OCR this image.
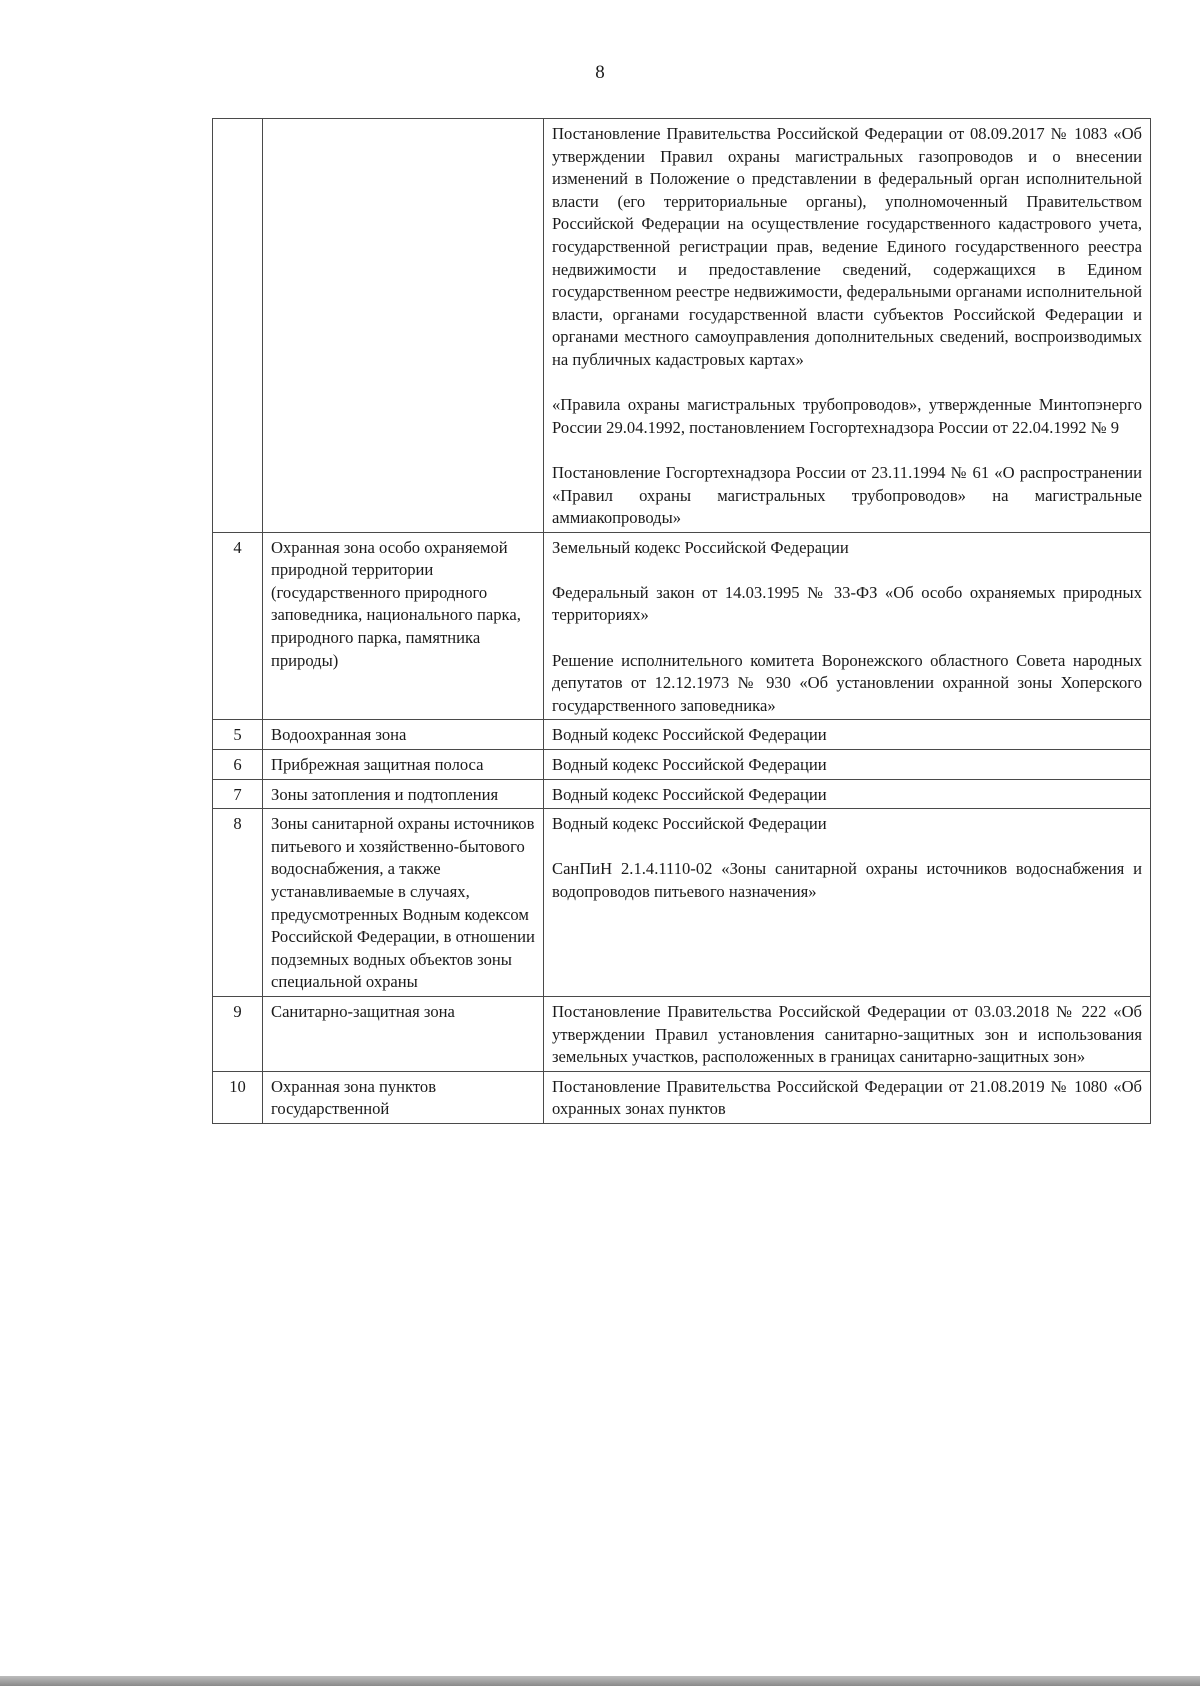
8

		Постановление Правительства Российской Федерации от 08.09.2017 № 1083 «Об утверждении Правил охраны магистральных газопроводов и о внесении изменений в Положение о представлении в федеральный орган исполнительной власти (его территориальные органы), уполномоченный Правительством Российской Федерации на осуществление государственного кадастрового учета, государственной регистрации прав, ведение Единого государственного реестра недвижимости и предоставление сведений, содержащихся в Едином государственном реестре недвижимости, федеральными органами исполнительной власти, органами государственной власти субъектов Российской Федерации и органами местного самоуправления дополнительных сведений, воспроизводимых на публичных кадастровых картах»

«Правила охраны магистральных трубопроводов», утвержденные Минтопэнерго России 29.04.1992, постановлением Госгортехнадзора России от 22.04.1992 № 9

Постановление Госгортехнадзора России от 23.11.1994 № 61 «О распространении «Правил охраны магистральных трубопроводов» на магистральные аммиакопроводы»

4	Охранная зона особо охраняемой природной территории (государственного природного заповедника, национального парка, природного парка, памятника природы)	Земельный кодекс Российской Федерации

Федеральный закон от 14.03.1995 № 33-ФЗ «Об особо охраняемых природных территориях»

Решение исполнительного комитета Воронежского областного Совета народных депутатов от 12.12.1973 № 930 «Об установлении охранной зоны Хоперского государственного заповедника»

5	Водоохранная зона	Водный кодекс Российской Федерации

6	Прибрежная защитная полоса	Водный кодекс Российской Федерации

7	Зоны затопления и подтопления	Водный кодекс Российской Федерации

8	Зоны санитарной охраны источников питьевого и хозяйственно-бытового водоснабжения, а также устанавливаемые в случаях, предусмотренных Водным кодексом Российской Федерации, в отношении подземных водных объектов зоны специальной охраны	Водный кодекс Российской Федерации

СанПиН 2.1.4.1110-02 «Зоны санитарной охраны источников водоснабжения и водопроводов питьевого назначения»

9	Санитарно-защитная зона	Постановление Правительства Российской Федерации от 03.03.2018 № 222 «Об утверждении Правил установления санитарно-защитных зон и использования земельных участков, расположенных в границах санитарно-защитных зон»

10	Охранная зона пунктов государственной	Постановление Правительства Российской Федерации от 21.08.2019 № 1080 «Об охранных зонах пунктов
